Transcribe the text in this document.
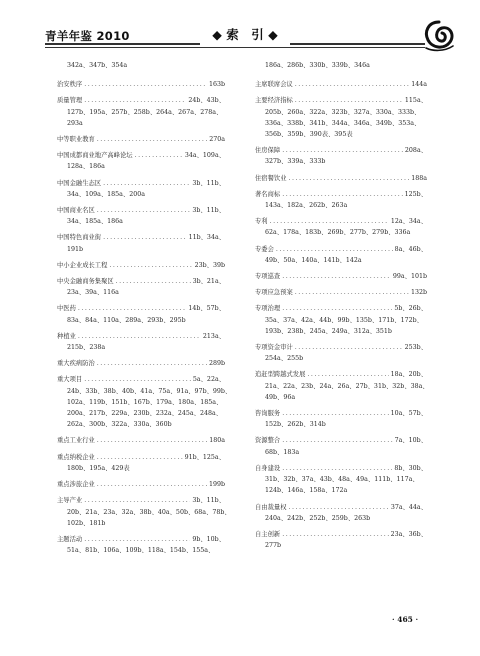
青羊年鉴 2010	◆ 索　引 ◆
342a、347b、354a
治安秩序 .....	163b
质量管理 .....	24b、43b、
127b、195a、257b、258b、264a、267a、278a、
293a
中等职业教育 .....	270a
中国成都商业地产高峰论坛 .....	34a、109a、
128a、186a
中国金融生态区 .....	3b、11b、
34a、109a、185a、200a
中国商业名区 .....	3b、11b、
34a、185a、186a
中国特色商业街 .....	11b、34a、
191b
中小企业成长工程 .....	23b、39b
中央金融商务集聚区 .....	3b、21a、
23a、39a、116a
中医药 .....	14b、57b、
83a、84a、110a、289a、293b、295b
种植业 .....	213a、
215b、238a
重大疾病防治 .....	289b
重大项目 .....	5a、22a、
24b、33b、38b、40b、41a、75a、91a、97b、99b、
102a、119b、151b、167b、179a、180a、185a、
200a、217b、229a、230b、232a、245a、248a、
262a、300b、322a、330a、360b
重点工业行业 .....	180a
重点纳税企业 .....	91b、125a、
180b、195a、429表
重点涉旅企业 .....	199b
主导产业 .....	3b、11b、
20b、21a、23a、32a、38b、40a、50b、68a、78b、
102b、181b
主题活动 .....	9b、10b、
51a、81b、106a、109b、118a、154b、155a、
186a、286b、330b、339b、346a
主席联席会议 .....	144a
主要经济指标 .....	115a、
205b、260a、322a、323b、327a、330a、333b、
336a、338b、341b、344a、346a、349b、353a、
356b、359b、390表、395表
住房保障 .....	208a、
327b、339a、333b
住宿餐饮业 .....	188a
著名商标 .....	125b、
143a、182a、262b、263a
专利 .....	12a、34a、
62a、178a、183b、269b、277b、279b、336a
专委会 .....	8a、46b、
49b、50a、140a、141b、142a
专项巡查 .....	99a、101b
专项应急预案 .....	132b
专项治理 .....	5b、26b、
35a、37a、42a、44b、99b、135b、171b、172b、
193b、238b、245a、249a、312a、351b
专项资金审计 .....	253b、
254a、255b
追赶型跨越式发展 .....	18a、20b、
21a、22a、23b、24a、26a、27b、31b、32b、38a、
49b、96a
咨询服务 .....	10a、57b、
152b、262b、314b
资源整合 .....	7a、10b、
68b、183a
自身建设 .....	8b、30b、
31b、32b、37a、43b、48a、49a、111b、117a、
124b、146a、158a、172a
自由裁量权 .....	37a、44a、
240a、242b、252b、259b、263b
自主创新 .....	23a、36b、
277b
· 465 ·
